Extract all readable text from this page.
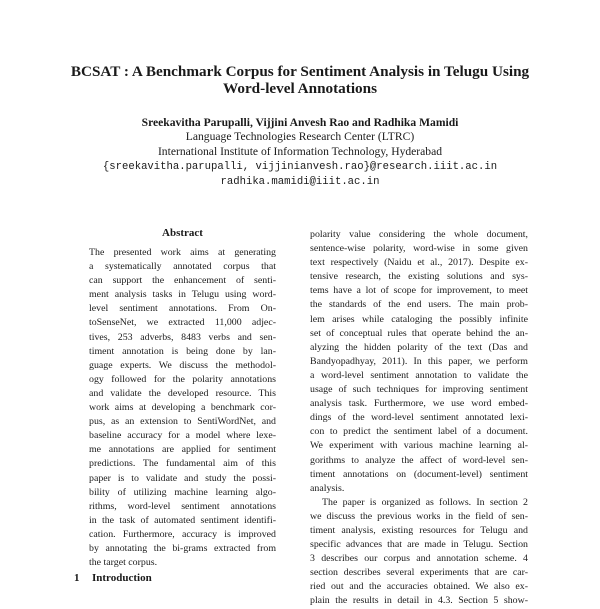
BCSAT : A Benchmark Corpus for Sentiment Analysis in Telugu Using
Word-level Annotations
Sreekavitha Parupalli, Vijjini Anvesh Rao and Radhika Mamidi
Language Technologies Research Center (LTRC)
International Institute of Information Technology, Hyderabad
{sreekavitha.parupalli, vijjinianvesh.rao}@research.iiit.ac.in
radhika.mamidi@iiit.ac.in
Abstract

The presented work aims at generating

a systematically annotated corpus that

can support the enhancement of senti-

ment analysis tasks in Telugu using word-

level sentiment annotations. From On-

toSenseNet, we extracted 11,000 adjec-

tives, 253 adverbs, 8483 verbs and sen-

timent annotation is being done by lan-

guage experts. We discuss the methodol-

ogy followed for the polarity annotations

and validate the developed resource. This

work aims at developing a benchmark cor-

pus, as an extension to SentiWordNet, and

baseline accuracy for a model where lexe-

me annotations are applied for sentiment

predictions. The fundamental aim of this

paper is to validate and study the possi-

bility of utilizing machine learning algo-

rithms, word-level sentiment annotations

in the task of automated sentiment identifi-

cation. Furthermore, accuracy is improved

by annotating the bi-grams extracted from

the target corpus.

1 Introduction

polarity value considering the whole document,

sentence-wise polarity, word-wise in some given

text respectively (Naidu et al., 2017). Despite ex-

tensive research, the existing solutions and sys-

tems have a lot of scope for improvement, to meet

the standards of the end users. The main prob-

lem arises while cataloging the possibly infinite

set of conceptual rules that operate behind the an-

alyzing the hidden polarity of the text (Das and

Bandyopadhyay, 2011). In this paper, we perform

a word-level sentiment annotation to validate the

usage of such techniques for improving sentiment

analysis task. Furthermore, we use word embed-

dings of the word-level sentiment annotated lexi-

con to predict the sentiment label of a document.

We experiment with various machine learning al-

gorithms to analyze the affect of word-level sen-

timent annotations on (document-level) sentiment

analysis.

The paper is organized as follows. In section 2

we discuss the previous works in the field of sen-

timent analysis, existing resources for Telugu and

specific advances that are made in Telugu. Section

3 describes our corpus and annotation scheme. 4

section describes several experiments that are car-

ried out and the accuracies obtained. We also ex-

plain the results in detail in 4.3. Section 5 show-
